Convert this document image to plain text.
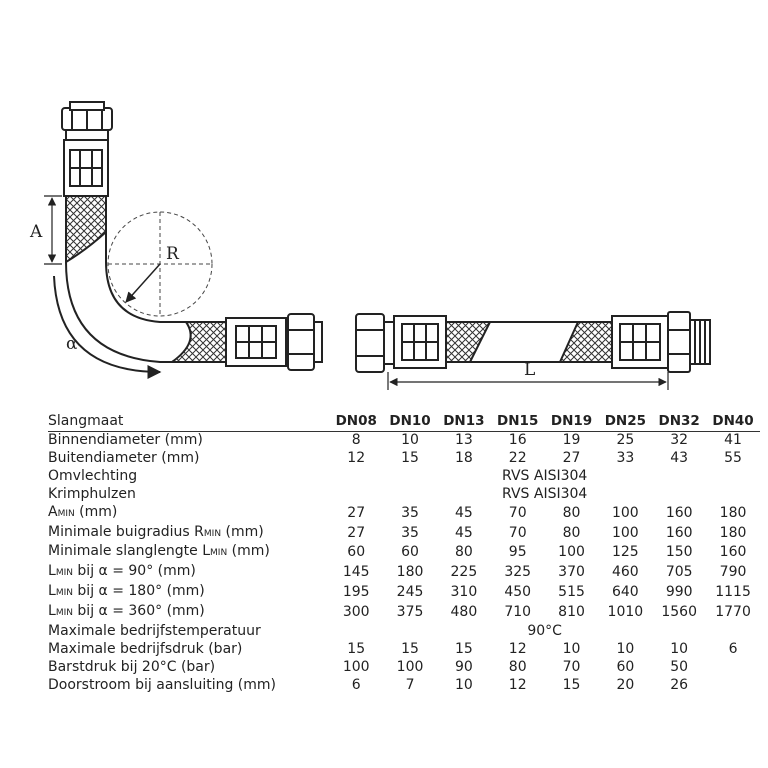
A
R
α
L
Slangmaat	DN08	DN10	DN13	DN15	DN19	DN25	DN32	DN40
Binnendiameter (mm)	8	10	13	16	19	25	32	41
Buitendiameter (mm)	12	15	18	22	27	33	43	55
Omvlechting	RVS AISI304							
Krimphulzen	RVS AISI304							
AMIN (mm)	27	35	45	70	80	100	160	180
Minimale buigradius RMIN (mm)	27	35	45	70	80	100	160	180
Minimale slanglengte LMIN (mm)	60	60	80	95	100	125	150	160
LMIN bij α = 90° (mm)	145	180	225	325	370	460	705	790
LMIN bij α = 180° (mm)	195	245	310	450	515	640	990	1115
LMIN bij α = 360° (mm)	300	375	480	710	810	1010	1560	1770
Maximale bedrijfstemperatuur	90°C							
Maximale bedrijfsdruk (bar)	15	15	15	12	10	10	10	6
Barstdruk bij 20°C (bar)	100	100	90	80	70	60	50	
Doorstroom bij aansluiting (mm)	6	7	10	12	15	20	26	
